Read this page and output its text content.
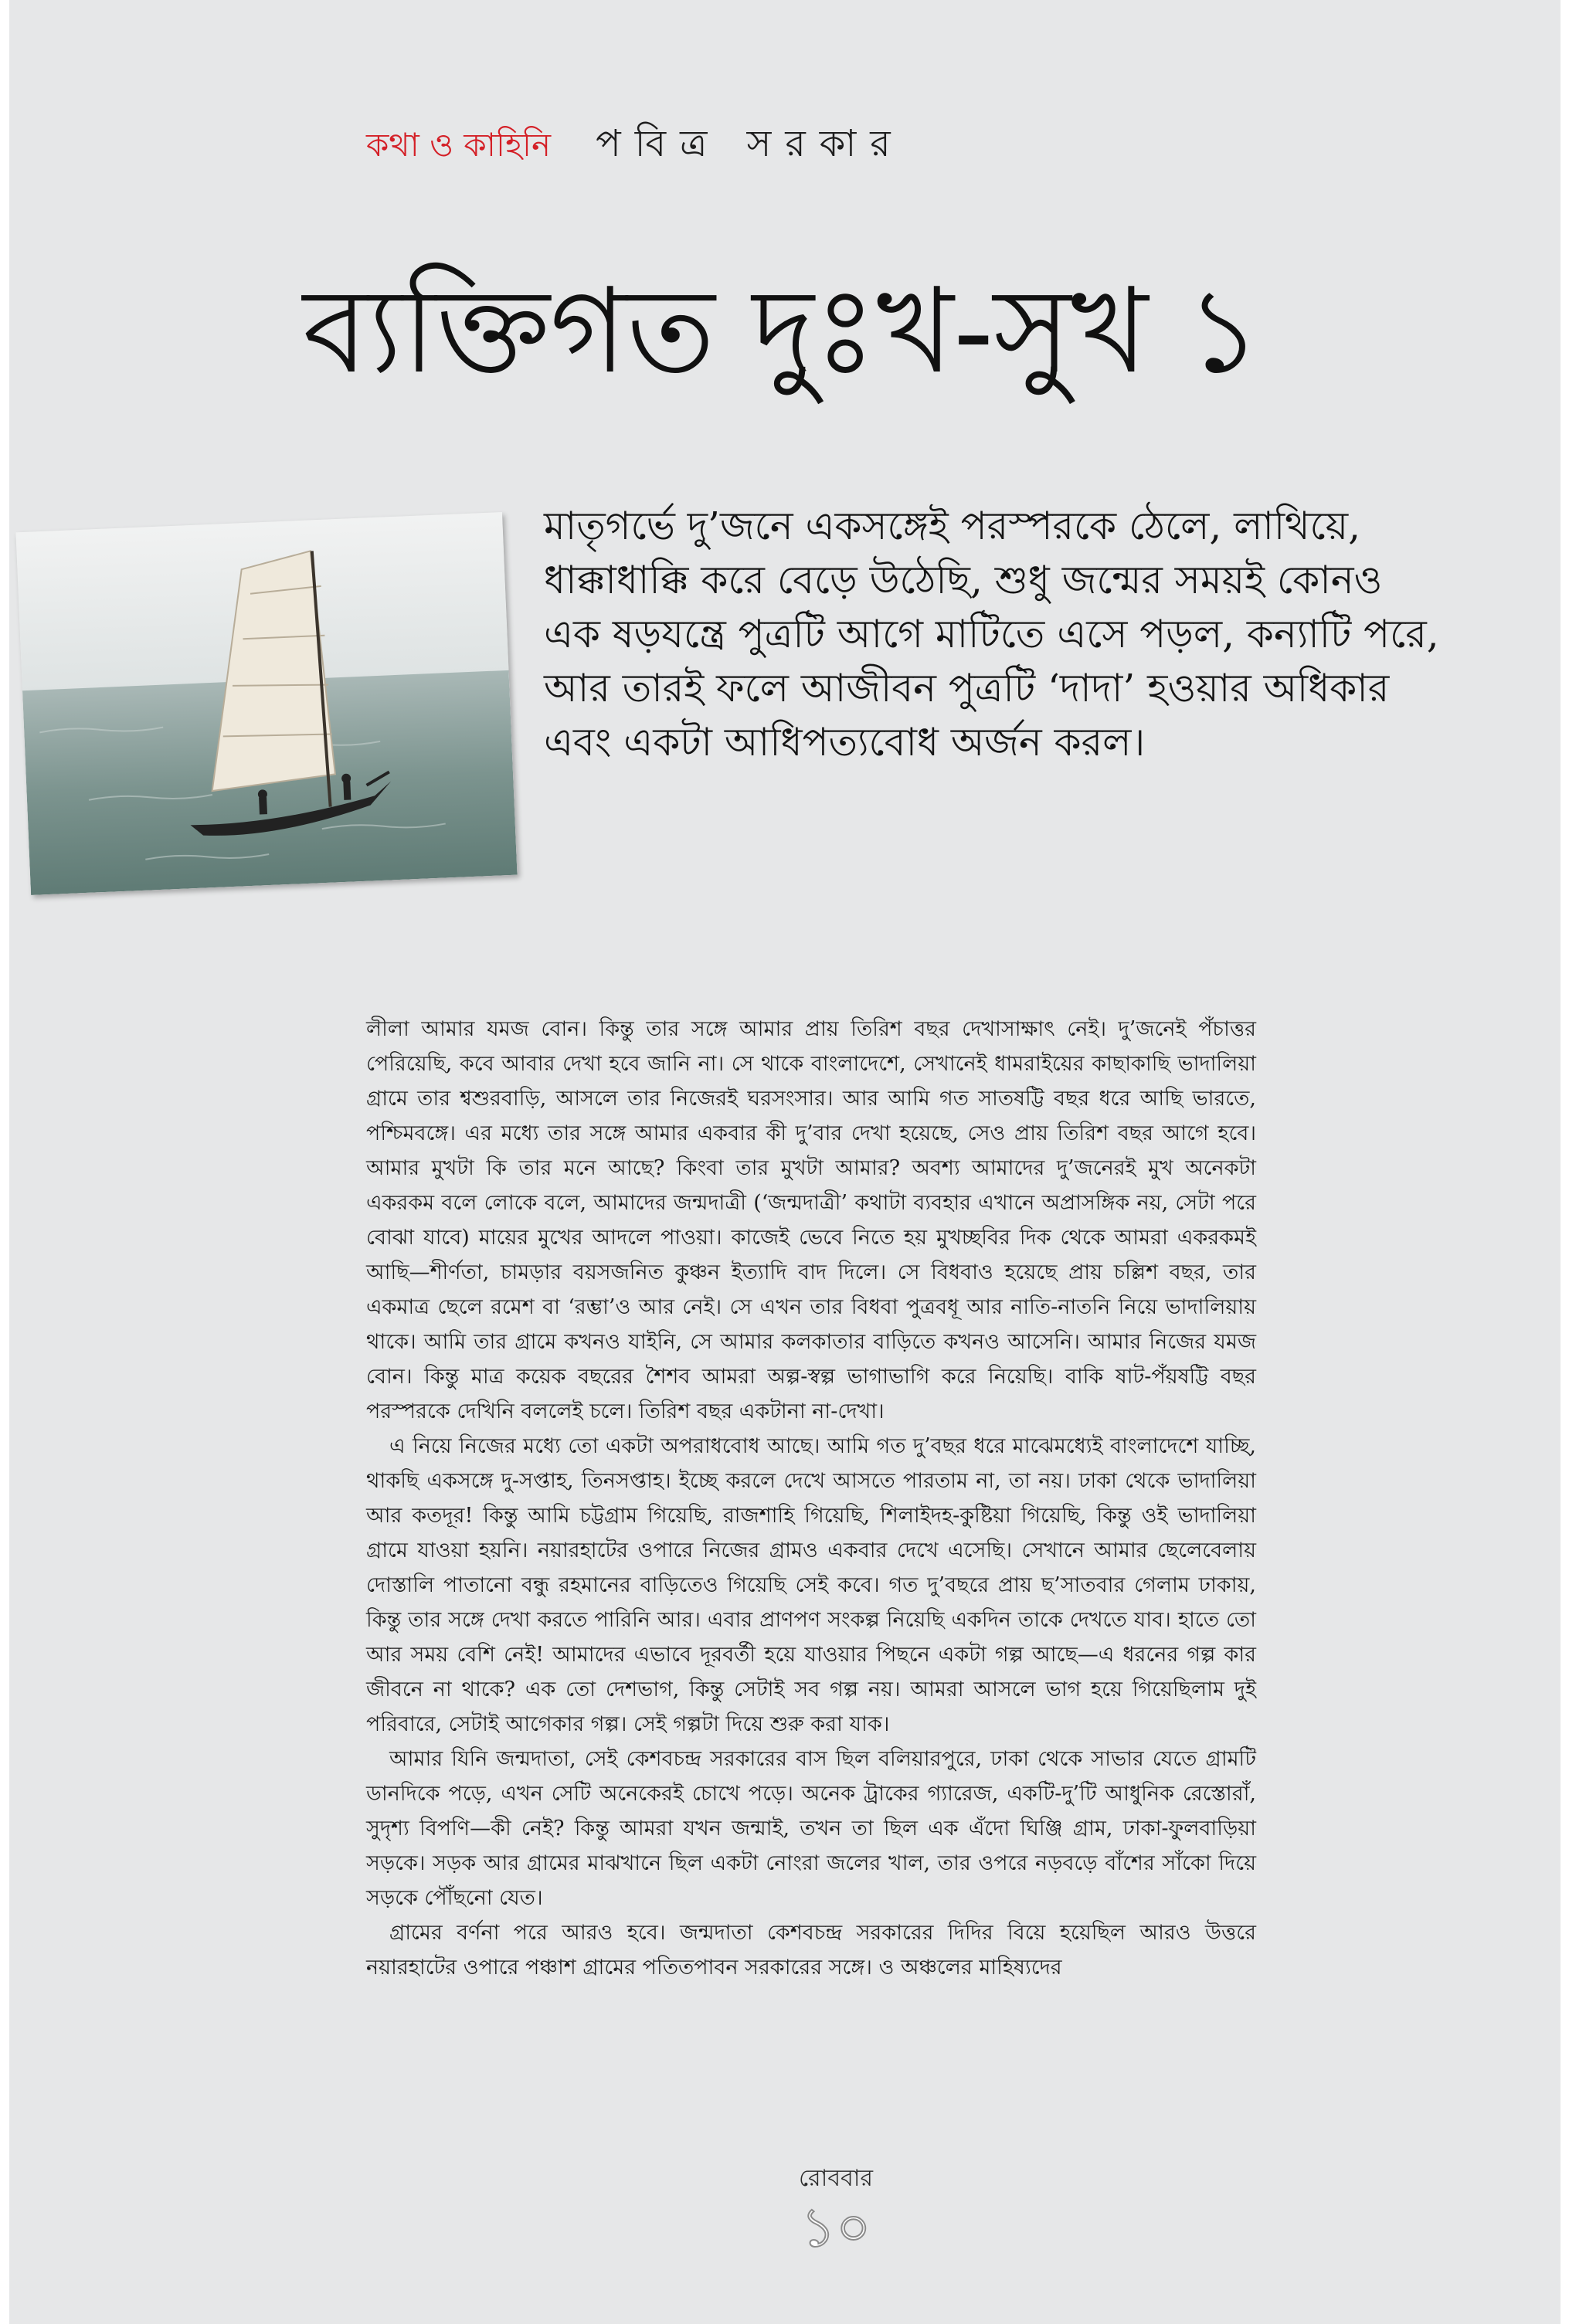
কথা ও কাহিনি পবিত্র সরকার
ব্যক্তিগত দুঃখ-সুখ ১

মাতৃগর্ভে দু’জনে একসঙ্গেই পরস্পরকে ঠেলে, লাথিয়ে, ধাক্কাধাক্কি করে বেড়ে উঠেছি, শুধু জন্মের সময়ই কোনও এক ষড়যন্ত্রে পুত্রটি আগে মাটিতে এসে পড়ল, কন্যাটি পরে, আর তারই ফলে আজীবন পুত্রটি ‘দাদা’ হওয়ার অধিকার এবং একটা আধিপত্যবোধ অর্জন করল।

লীলা আমার যমজ বোন। কিন্তু তার সঙ্গে আমার প্রায় তিরিশ বছর দেখাসাক্ষাৎ নেই। দু’জনেই পঁচাত্তর পেরিয়েছি, কবে আবার দেখা হবে জানি না। সে থাকে বাংলাদেশে, সেখানেই ধামরাইয়ের কাছাকাছি ভাদালিয়া গ্রামে তার শ্বশুরবাড়ি, আসলে তার নিজেরই ঘরসংসার। আর আমি গত সাতষট্টি বছর ধরে আছি ভারতে, পশ্চিমবঙ্গে। এর মধ্যে তার সঙ্গে আমার একবার কী দু’বার দেখা হয়েছে, সেও প্রায় তিরিশ বছর আগে হবে। আমার মুখটা কি তার মনে আছে? কিংবা তার মুখটা আমার? অবশ্য আমাদের দু’জনেরই মুখ অনেকটা একরকম বলে লোকে বলে, আমাদের জন্মদাত্রী (‘জন্মদাত্রী’ কথাটা ব্যবহার এখানে অপ্রাসঙ্গিক নয়, সেটা পরে বোঝা যাবে) মায়ের মুখের আদলে পাওয়া। কাজেই ভেবে নিতে হয় মুখচ্ছবির দিক থেকে আমরা একরকমই আছি—শীর্ণতা, চামড়ার বয়সজনিত কুঞ্চন ইত্যাদি বাদ দিলে। সে বিধবাও হয়েছে প্রায় চল্লিশ বছর, তার একমাত্র ছেলে রমেশ বা ‘রম্ভা’ও আর নেই। সে এখন তার বিধবা পুত্রবধূ আর নাতি-নাতনি নিয়ে ভাদালিয়ায় থাকে। আমি তার গ্রামে কখনও যাইনি, সে আমার কলকাতার বাড়িতে কখনও আসেনি। আমার নিজের যমজ বোন। কিন্তু মাত্র কয়েক বছরের শৈশব আমরা অল্প-স্বল্প ভাগাভাগি করে নিয়েছি। বাকি ষাট-পঁয়ষট্টি বছর পরস্পরকে দেখিনি বললেই চলে। তিরিশ বছর একটানা না-দেখা।

এ নিয়ে নিজের মধ্যে তো একটা অপরাধবোধ আছে। আমি গত দু’বছর ধরে মাঝেমধ্যেই বাংলাদেশে যাচ্ছি, থাকছি একসঙ্গে দু-সপ্তাহ, তিনসপ্তাহ। ইচ্ছে করলে দেখে আসতে পারতাম না, তা নয়। ঢাকা থেকে ভাদালিয়া আর কতদূর! কিন্তু আমি চট্টগ্রাম গিয়েছি, রাজশাহি গিয়েছি, শিলাইদহ-কুষ্টিয়া গিয়েছি, কিন্তু ওই ভাদালিয়া গ্রামে যাওয়া হয়নি। নয়ারহাটের ওপারে নিজের গ্রামও একবার দেখে এসেছি। সেখানে আমার ছেলেবেলায় দোস্তালি পাতানো বন্ধু রহমানের বাড়িতেও গিয়েছি সেই কবে। গত দু’বছরে প্রায় ছ’সাতবার গেলাম ঢাকায়, কিন্তু তার সঙ্গে দেখা করতে পারিনি আর। এবার প্রাণপণ সংকল্প নিয়েছি একদিন তাকে দেখতে যাব। হাতে তো আর সময় বেশি নেই! আমাদের এভাবে দূরবর্তী হয়ে যাওয়ার পিছনে একটা গল্প আছে—এ ধরনের গল্প কার জীবনে না থাকে? এক তো দেশভাগ, কিন্তু সেটাই সব গল্প নয়। আমরা আসলে ভাগ হয়ে গিয়েছিলাম দুই পরিবারে, সেটাই আগেকার গল্প। সেই গল্পটা দিয়ে শুরু করা যাক।

আমার যিনি জন্মদাতা, সেই কেশবচন্দ্র সরকারের বাস ছিল বলিয়ারপুরে, ঢাকা থেকে সাভার যেতে গ্রামটি ডানদিকে পড়ে, এখন সেটি অনেকেরই চোখে পড়ে। অনেক ট্রাকের গ্যারেজ, একটি-দু’টি আধুনিক রেস্তোরাঁ, সুদৃশ্য বিপণি—কী নেই? কিন্তু আমরা যখন জন্মাই, তখন তা ছিল এক এঁদো ঘিঞ্জি গ্রাম, ঢাকা-ফুলবাড়িয়া সড়কে। সড়ক আর গ্রামের মাঝখানে ছিল একটা নোংরা জলের খাল, তার ওপরে নড়বড়ে বাঁশের সাঁকো দিয়ে সড়কে পৌঁছনো যেত।

গ্রামের বর্ণনা পরে আরও হবে। জন্মদাতা কেশবচন্দ্র সরকারের দিদির বিয়ে হয়েছিল আরও উত্তরে নয়ারহাটের ওপারে পঞ্চাশ গ্রামের পতিতপাবন সরকারের সঙ্গে। ও অঞ্চলের মাহিষ্যদের

রোববার
১০
